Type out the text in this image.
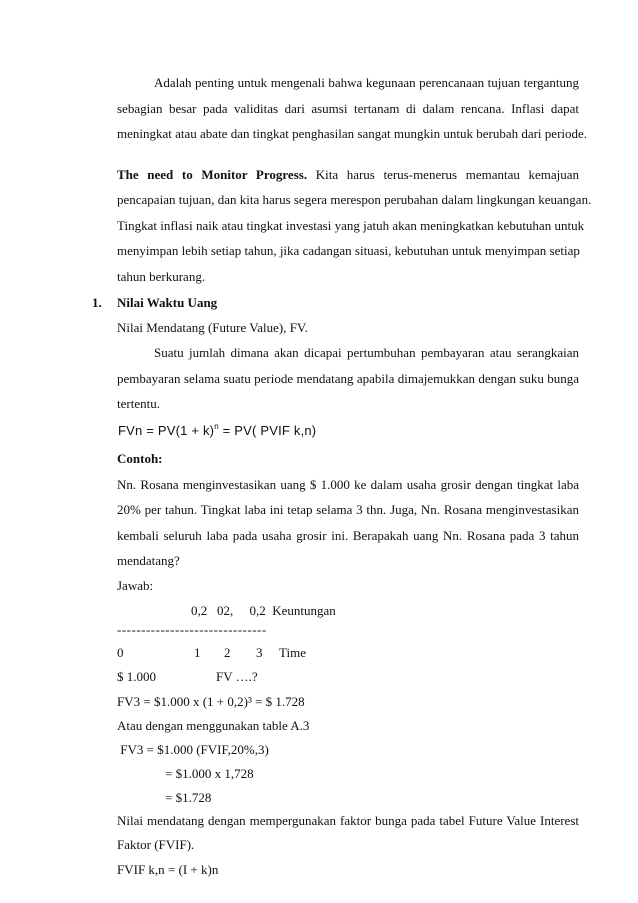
Adalah penting untuk mengenali bahwa kegunaan perencanaan tujuan tergantung
sebagian besar pada validitas dari asumsi tertanam di dalam rencana. Inflasi dapat
meningkat atau abate dan tingkat penghasilan sangat mungkin untuk berubah dari periode.
The need to Monitor Progress. Kita harus terus-menerus memantau kemajuan
pencapaian tujuan, dan kita harus segera merespon perubahan dalam lingkungan keuangan.
Tingkat inflasi naik atau tingkat investasi yang jatuh akan meningkatkan kebutuhan untuk
menyimpan lebih setiap tahun, jika cadangan situasi, kebutuhan untuk menyimpan setiap
tahun berkurang.
1. Nilai Waktu Uang
Nilai Mendatang (Future Value), FV.
Suatu jumlah dimana akan dicapai pertumbuhan pembayaran atau serangkaian
pembayaran selama suatu periode mendatang apabila dimajemukkan dengan suku bunga
tertentu.
FVn = $PV(1 + k)^n = PV$( PVIF k,n)
Contoh:
Nn. Rosana menginvestasikan uang $ 1.000 ke dalam usaha grosir dengan tingkat laba
20% per tahun. Tingkat laba ini tetap selama 3 thn. Juga, Nn. Rosana menginvestasikan
kembali seluruh laba pada usaha grosir ini. Berapakah uang Nn. Rosana pada 3 tahun
mendatang?
Jawab:
0,2   02,     0,2  Keuntungan
-------------------------------
0	1 2 3 Time
$ 1.000	FV ….?
FV3 = $1.000 x (1 + 0,2)³ = $ 1.728
Atau dengan menggunakan table A.3
FV3 = $1.000 (FVIF,20%,3)
= $1.000 x 1,728
= $1.728
Nilai mendatang dengan mempergunakan faktor bunga pada tabel Future Value Interest
Faktor (FVIF).
FVIF k,n = (I + k)n
